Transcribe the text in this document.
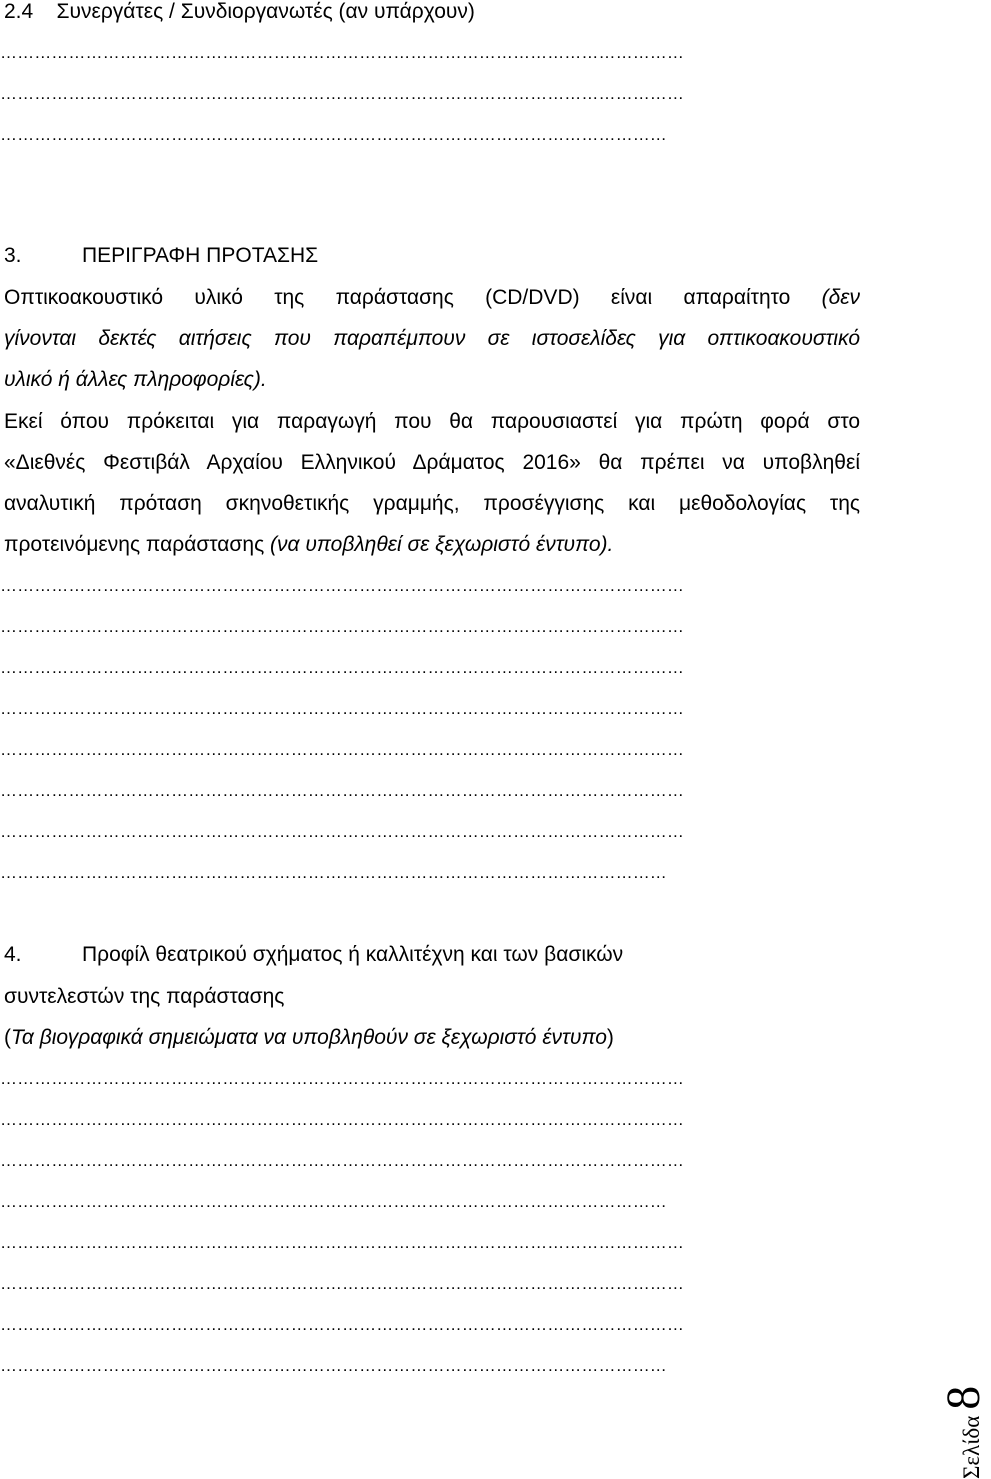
2.4    Συνεργάτες / Συνδιοργανωτές (αν υπάρχουν)
…………………………………………………………………………………………………………
…………………………………………………………………………………………………………
………………………………………………………………………………………………………
3.	ΠΕΡΙΓΡΑΦΗ ΠΡΟΤΑΣΗΣ
Οπτικοακουστικό υλικό της παράστασης (CD/DVD) είναι απαραίτητο (δεν
γίνονται δεκτές αιτήσεις που παραπέμπουν σε ιστοσελίδες για οπτικοακουστικό
υλικό ή άλλες πληροφορίες).
Εκεί όπου πρόκειται για παραγωγή που θα παρουσιαστεί για πρώτη φορά στο
«Διεθνές Φεστιβάλ Αρχαίου Ελληνικού Δράματος 2016» θα πρέπει να υποβληθεί
αναλυτική πρόταση σκηνοθετικής γραμμής, προσέγγισης και μεθοδολογίας της
προτεινόμενης παράστασης (να υποβληθεί σε ξεχωριστό έντυπο).
…………………………………………………………………………………………………………
…………………………………………………………………………………………………………
…………………………………………………………………………………………………………
…………………………………………………………………………………………………………
…………………………………………………………………………………………………………
…………………………………………………………………………………………………………
…………………………………………………………………………………………………………
………………………………………………………………………………………………………
4.	Προφίλ θεατρικού σχήματος ή καλλιτέχνη και των βασικών
συντελεστών της παράστασης
(Τα βιογραφικά σημειώματα να υποβληθούν σε ξεχωριστό έντυπο)
…………………………………………………………………………………………………………
…………………………………………………………………………………………………………
…………………………………………………………………………………………………………
………………………………………………………………………………………………………
…………………………………………………………………………………………………………
…………………………………………………………………………………………………………
…………………………………………………………………………………………………………
………………………………………………………………………………………………………
Σελίδα
8
